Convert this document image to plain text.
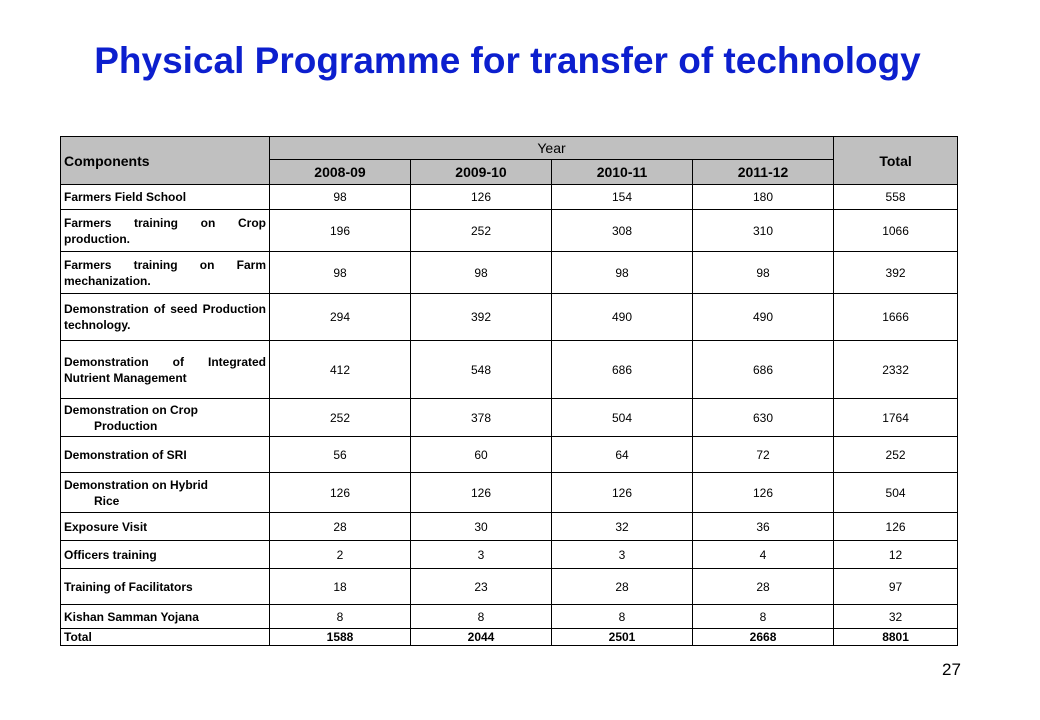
Physical Programme for transfer of technology
Components	Year				Total
	2008-09	2009-10	2010-11	2011-12	
Farmers Field School	98	126	154	180	558
Farmers training on Crop production.	196	252	308	310	1066
Farmers training on Farm mechanization.	98	98	98	98	392
Demonstration of seed Production technology.	294	392	490	490	1666
Demonstration of Integrated Nutrient Management	412	548	686	686	2332
Demonstration on Crop
Production	252	378	504	630	1764
Demonstration of SRI	56	60	64	72	252
Demonstration on Hybrid
Rice	126	126	126	126	504
Exposure Visit	28	30	32	36	126
Officers training	2	3	3	4	12
Training of Facilitators	18	23	28	28	97
Kishan Samman Yojana	8	8	8	8	32
Total	1588	2044	2501	2668	8801
27
